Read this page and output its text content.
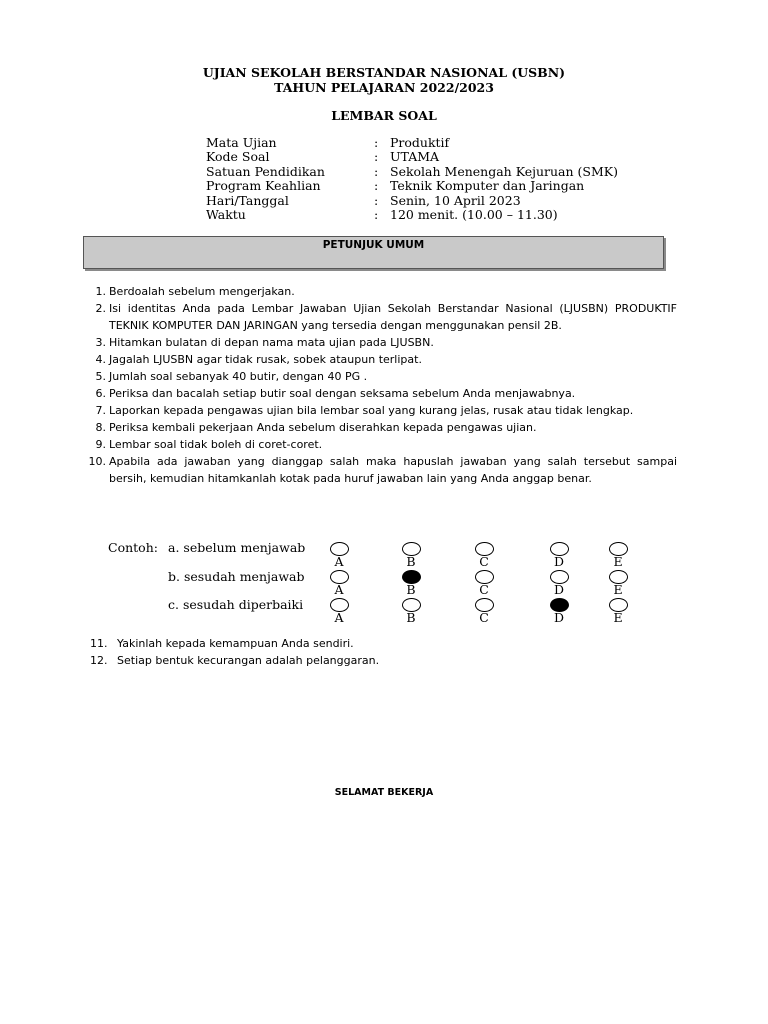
UJIAN SEKOLAH BERSTANDAR NASIONAL (USBN)
TAHUN PELAJARAN 2022/2023
LEMBAR SOAL
Mata Ujian	: Produktif
Kode Soal	: UTAMA
Satuan Pendidikan	: Sekolah Menengah Kejuruan (SMK)
Program Keahlian	: Teknik Komputer dan Jaringan
Hari/Tanggal	: Senin, 10 April 2023
Waktu	: 120 menit. (10.00 – 11.30)
PETUNJUK UMUM
1. Berdoalah sebelum mengerjakan.
2. Isi identitas Anda pada Lembar Jawaban Ujian Sekolah Berstandar Nasional (LJUSBN) PRODUKTIF TEKNIK KOMPUTER DAN JARINGAN yang tersedia dengan menggunakan pensil 2B.
3. Hitamkan bulatan di depan nama mata ujian pada LJUSBN.
4. Jagalah LJUSBN agar tidak rusak, sobek ataupun terlipat.
5. Jumlah soal sebanyak 40 butir, dengan 40 PG .
6. Periksa dan bacalah setiap butir soal dengan seksama sebelum Anda menjawabnya.
7. Laporkan kepada pengawas ujian bila lembar soal yang kurang jelas, rusak atau tidak lengkap.
8. Periksa kembali pekerjaan Anda sebelum diserahkan kepada pengawas ujian.
9. Lembar soal tidak boleh di coret-coret.
10. Apabila ada jawaban yang dianggap salah maka hapuslah jawaban yang salah tersebut sampai bersih, kemudian hitamkanlah kotak pada huruf jawaban lain yang Anda anggap benar.
Contoh: a. sebelum menjawab
b. sesudah menjawab
c. sesudah diperbaiki
A	B	C	D	E
A	B	C	D	E
A	B	C	D	E
11. Yakinlah kepada kemampuan Anda sendiri.
12. Setiap bentuk kecurangan adalah pelanggaran.
SELAMAT BEKERJA
